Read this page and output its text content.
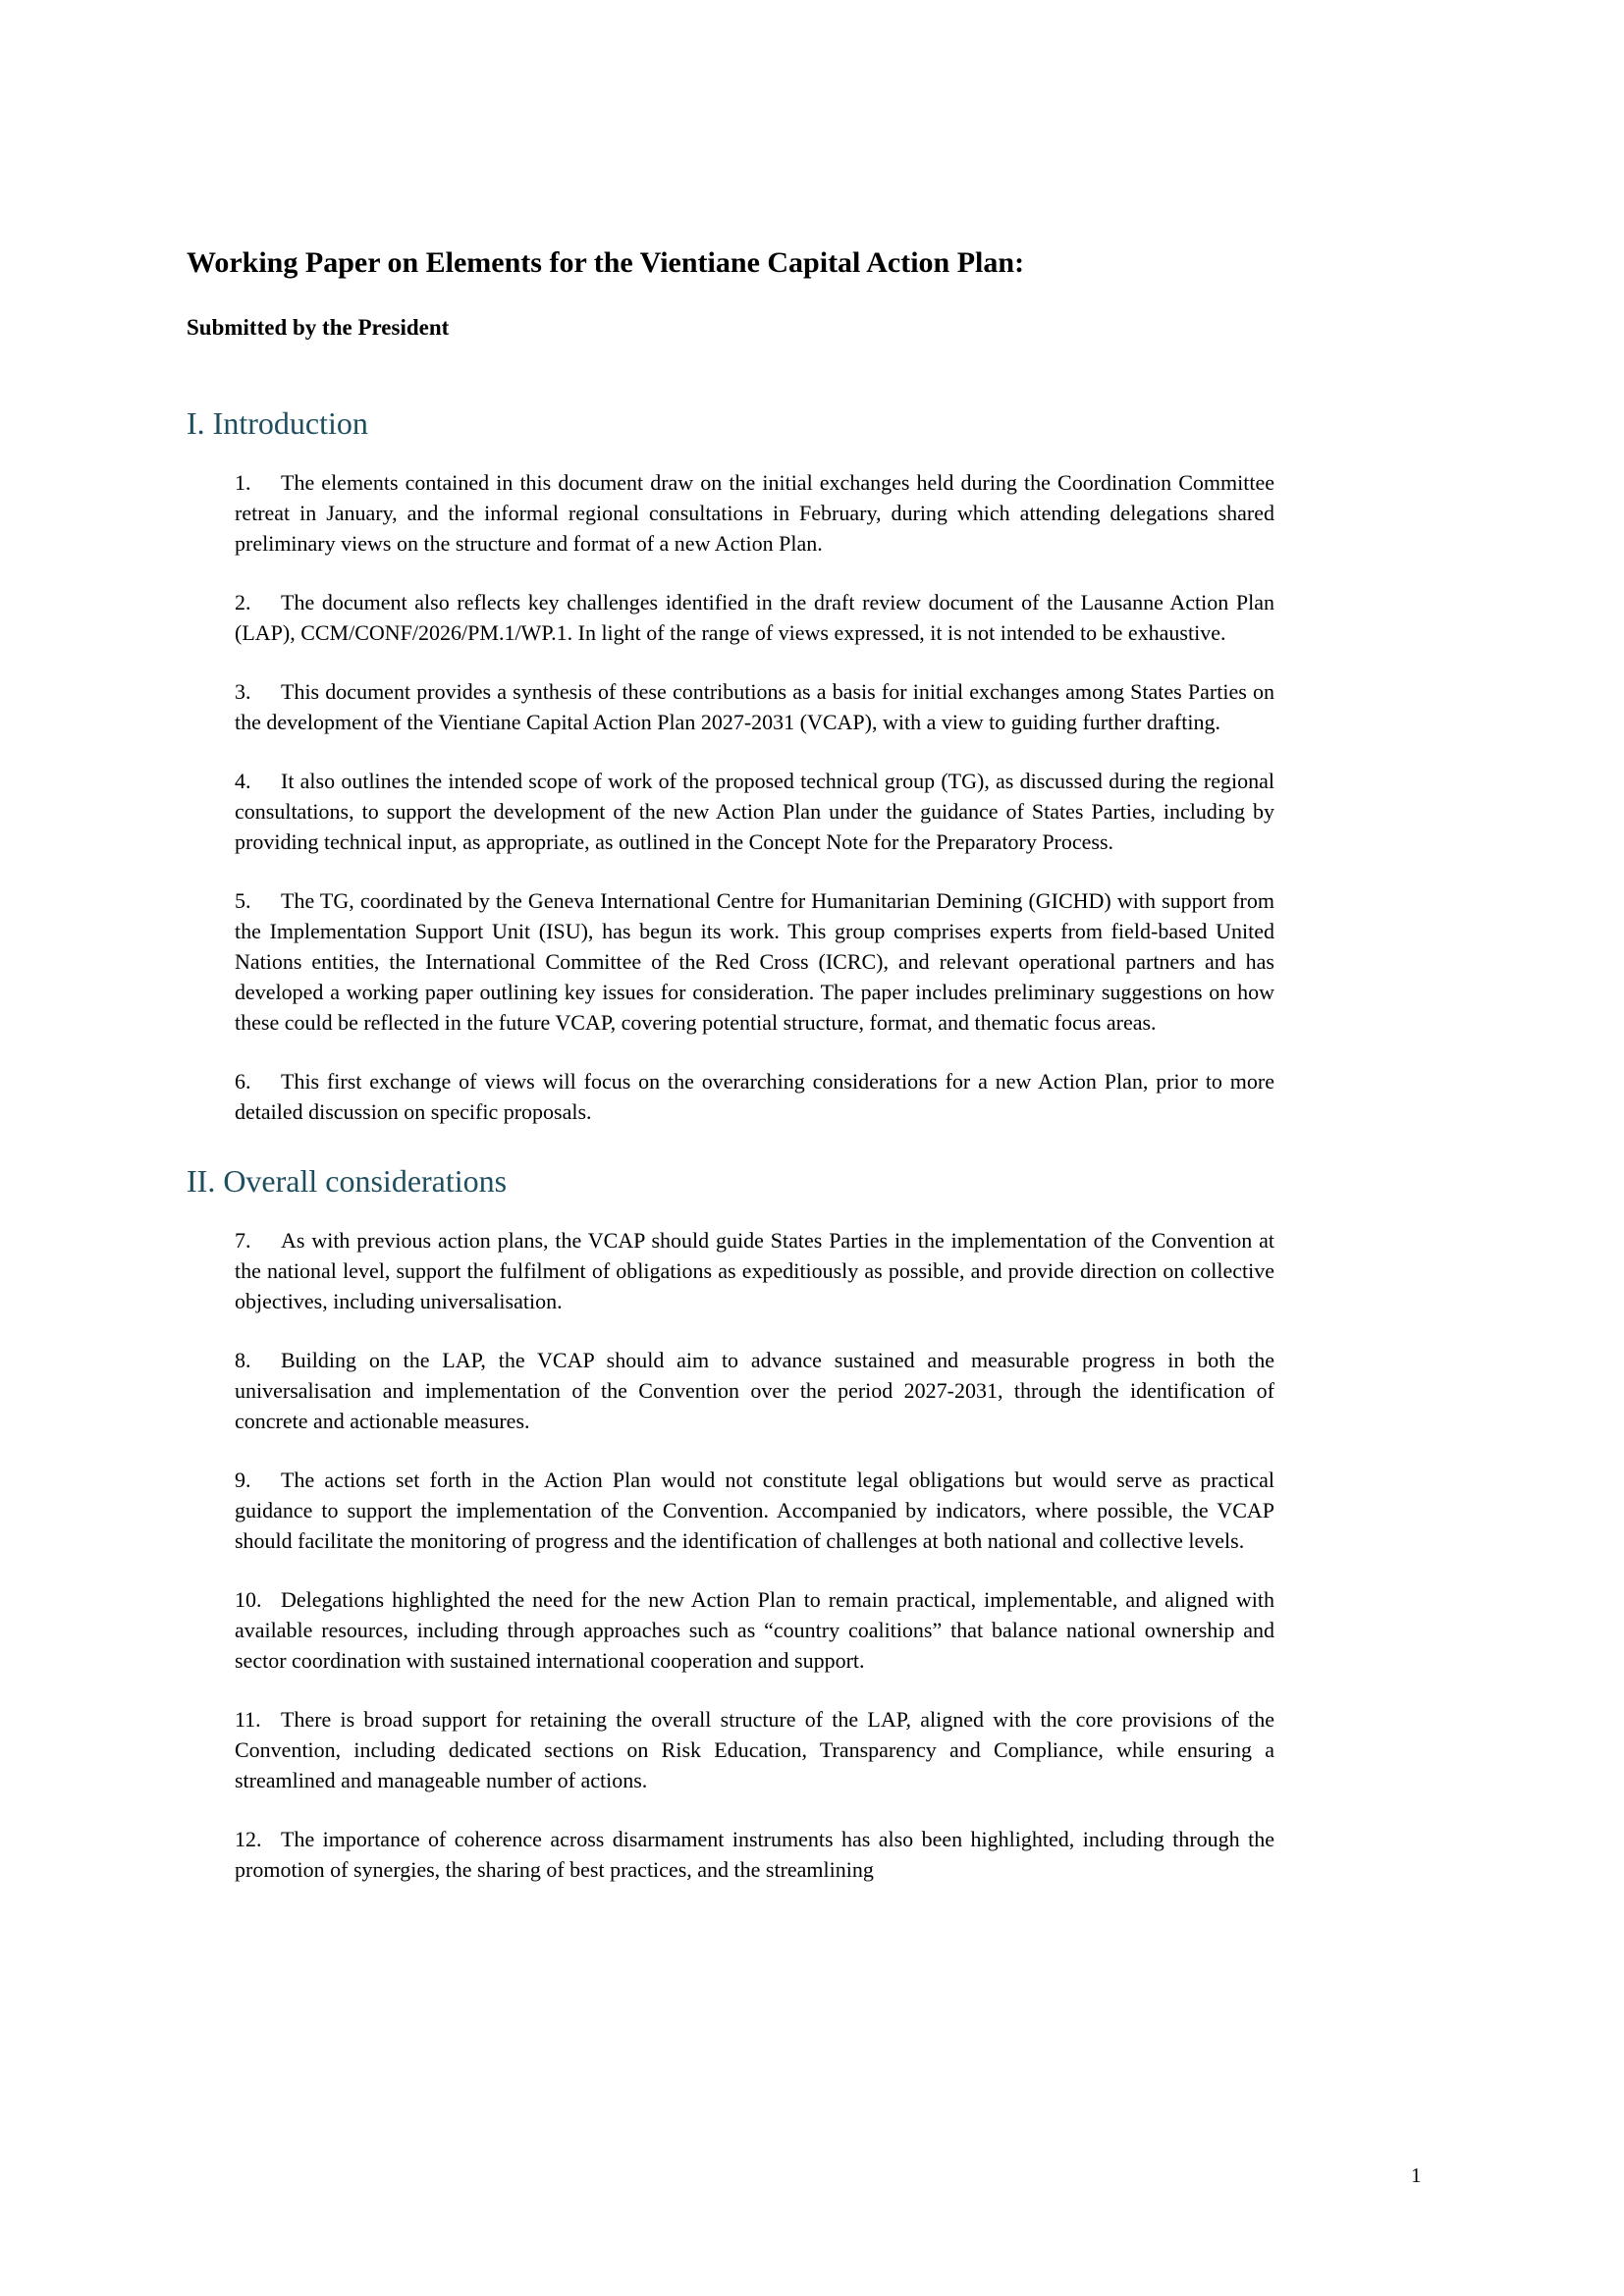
Working Paper on Elements for the Vientiane Capital Action Plan:
Submitted by the President
I. Introduction

1. The elements contained in this document draw on the initial exchanges held during the Coordination Committee retreat in January, and the informal regional consultations in February, during which attending delegations shared preliminary views on the structure and format of a new Action Plan.

2. The document also reflects key challenges identified in the draft review document of the Lausanne Action Plan (LAP), CCM/CONF/2026/PM.1/WP.1. In light of the range of views expressed, it is not intended to be exhaustive.

3. This document provides a synthesis of these contributions as a basis for initial exchanges among States Parties on the development of the Vientiane Capital Action Plan 2027-2031 (VCAP), with a view to guiding further drafting.

4. It also outlines the intended scope of work of the proposed technical group (TG), as discussed during the regional consultations, to support the development of the new Action Plan under the guidance of States Parties, including by providing technical input, as appropriate, as outlined in the Concept Note for the Preparatory Process.

5. The TG, coordinated by the Geneva International Centre for Humanitarian Demining (GICHD) with support from the Implementation Support Unit (ISU), has begun its work. This group comprises experts from field-based United Nations entities, the International Committee of the Red Cross (ICRC), and relevant operational partners and has developed a working paper outlining key issues for consideration. The paper includes preliminary suggestions on how these could be reflected in the future VCAP, covering potential structure, format, and thematic focus areas.

6. This first exchange of views will focus on the overarching considerations for a new Action Plan, prior to more detailed discussion on specific proposals.

II. Overall considerations

7. As with previous action plans, the VCAP should guide States Parties in the implementation of the Convention at the national level, support the fulfilment of obligations as expeditiously as possible, and provide direction on collective objectives, including universalisation.

8. Building on the LAP, the VCAP should aim to advance sustained and measurable progress in both the universalisation and implementation of the Convention over the period 2027-2031, through the identification of concrete and actionable measures.

9. The actions set forth in the Action Plan would not constitute legal obligations but would serve as practical guidance to support the implementation of the Convention. Accompanied by indicators, where possible, the VCAP should facilitate the monitoring of progress and the identification of challenges at both national and collective levels.

10. Delegations highlighted the need for the new Action Plan to remain practical, implementable, and aligned with available resources, including through approaches such as “country coalitions” that balance national ownership and sector coordination with sustained international cooperation and support.

11. There is broad support for retaining the overall structure of the LAP, aligned with the core provisions of the Convention, including dedicated sections on Risk Education, Transparency and Compliance, while ensuring a streamlined and manageable number of actions.

12. The importance of coherence across disarmament instruments has also been highlighted, including through the promotion of synergies, the sharing of best practices, and the streamlining

1
